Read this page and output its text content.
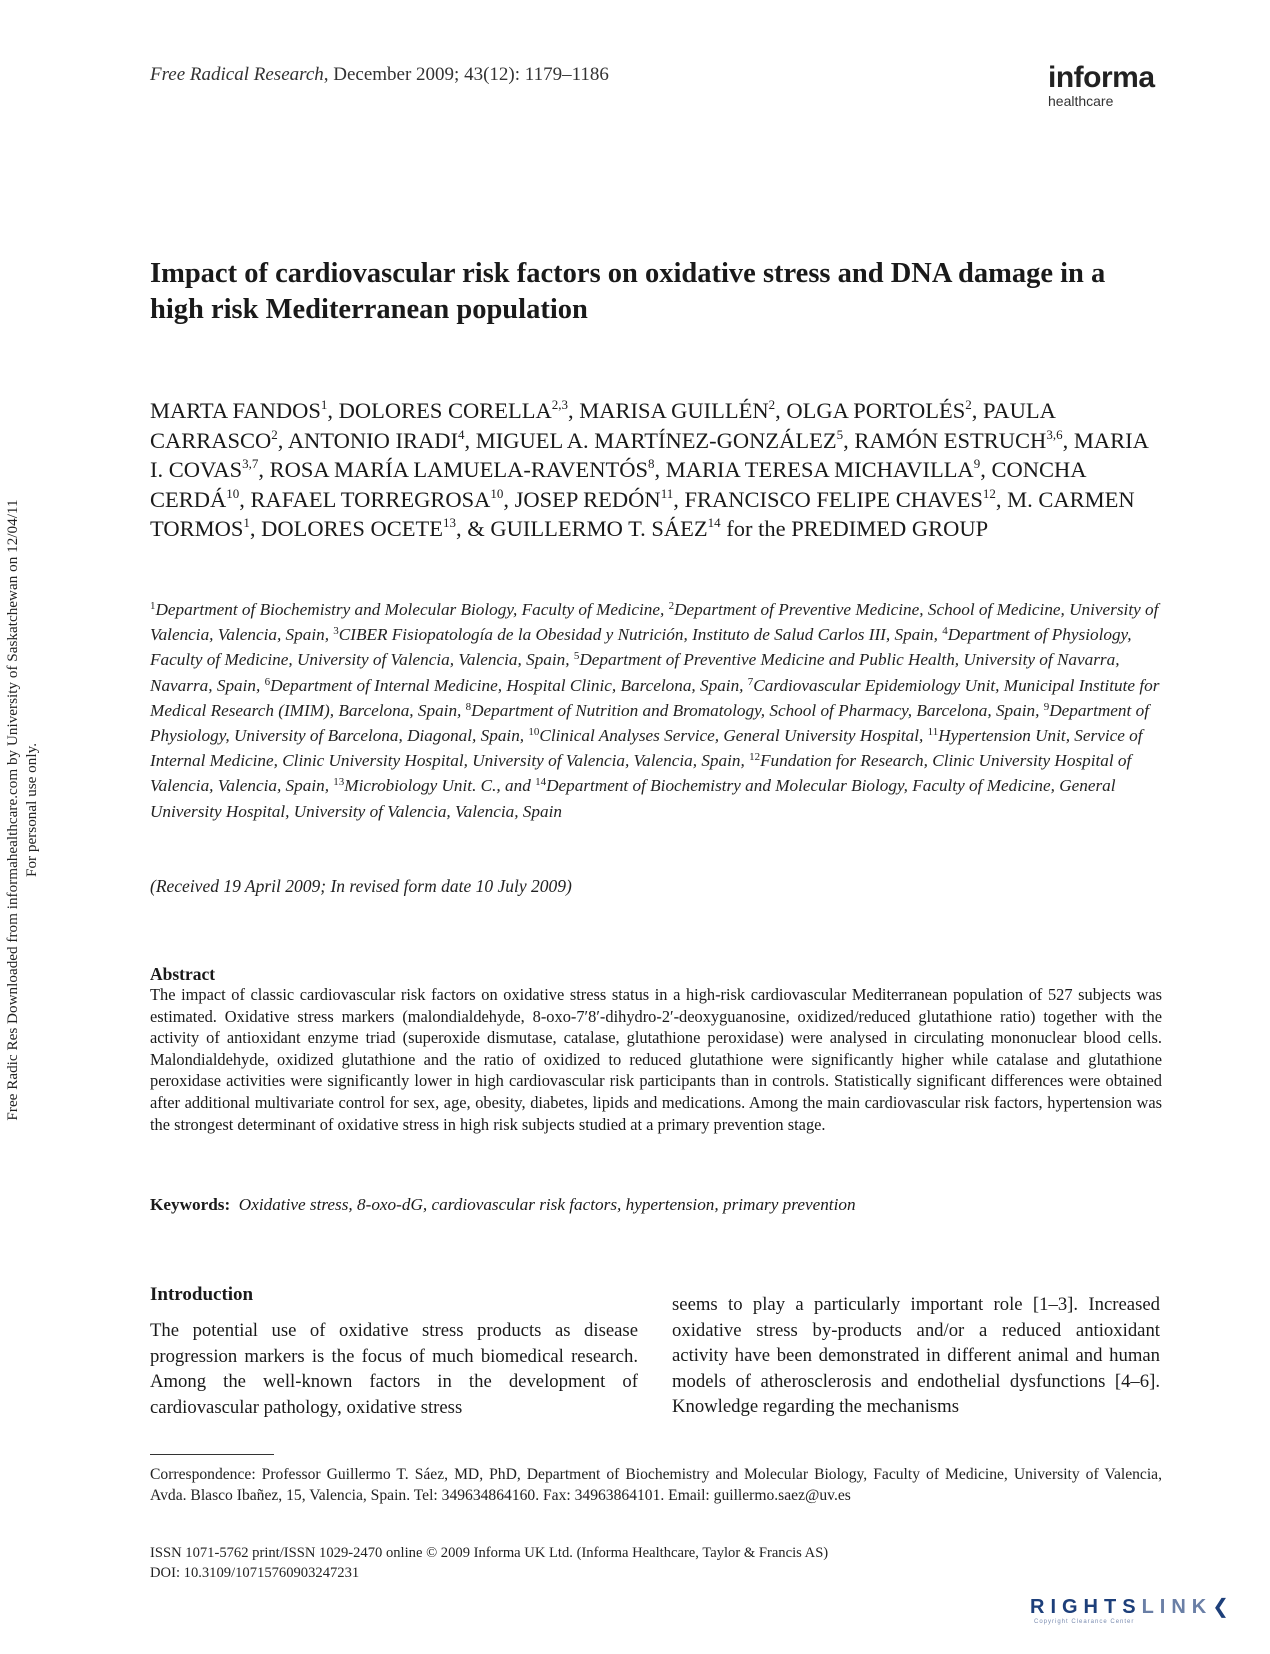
Free Radical Research, December 2009; 43(12): 1179–1186	informa
healthcare
Impact of cardiovascular risk factors on oxidative stress and DNA damage in a high risk Mediterranean population
MARTA FANDOS$^1$, DOLORES CORELLA$^{2,3}$, MARISA GUILLÉN$^2$, OLGA PORTOLÉS$^2$, PAULA CARRASCO$^2$, ANTONIO IRADI$^4$, MIGUEL A. MARTÍNEZ-GONZÁLEZ$^5$, RAMÓN ESTRUCH$^{3,6}$, MARIA I. COVAS$^{3,7}$, ROSA MARÍA LAMUELA-RAVENTÓS$^8$, MARIA TERESA MICHAVILLA$^9$, CONCHA CERDÁ$^{10}$, RAFAEL TORREGROSA$^{10}$, JOSEP REDÓN$^{11}$, FRANCISCO FELIPE CHAVES$^{12}$, M. CARMEN TORMOS$^1$, DOLORES OCETE$^{13}$, & GUILLERMO T. SÁEZ$^{14}$ for the PREDIMED GROUP
$^1$Department of Biochemistry and Molecular Biology, Faculty of Medicine, $^2$Department of Preventive Medicine, School of Medicine, University of Valencia, Valencia, Spain, $^3$CIBER Fisiopatología de la Obesidad y Nutrición, Instituto de Salud Carlos III, Spain, $^4$Department of Physiology, Faculty of Medicine, University of Valencia, Valencia, Spain, $^5$Department of Preventive Medicine and Public Health, University of Navarra, Navarra, Spain, $^6$Department of Internal Medicine, Hospital Clinic, Barcelona, Spain, $^7$Cardiovascular Epidemiology Unit, Municipal Institute for Medical Research (IMIM), Barcelona, Spain, $^8$Department of Nutrition and Bromatology, School of Pharmacy, Barcelona, Spain, $^9$Department of Physiology, University of Barcelona, Diagonal, Spain, $^{10}$Clinical Analyses Service, General University Hospital, $^{11}$Hypertension Unit, Service of Internal Medicine, Clinic University Hospital, University of Valencia, Valencia, Spain, $^{12}$Fundation for Research, Clinic University Hospital of Valencia, Valencia, Spain, $^{13}$Microbiology Unit. C., and $^{14}$Department of Biochemistry and Molecular Biology, Faculty of Medicine, General University Hospital, University of Valencia, Valencia, Spain
(Received 19 April 2009; In revised form date 10 July 2009)
Abstract
The impact of classic cardiovascular risk factors on oxidative stress status in a high-risk cardiovascular Mediterranean population of 527 subjects was estimated. Oxidative stress markers (malondialdehyde, 8-oxo-7′8′-dihydro-2′-deoxyguanosine, oxidized/reduced glutathione ratio) together with the activity of antioxidant enzyme triad (superoxide dismutase, catalase, glutathione peroxidase) were analysed in circulating mononuclear blood cells. Malondialdehyde, oxidized glutathione and the ratio of oxidized to reduced glutathione were significantly higher while catalase and glutathione peroxidase activities were significantly lower in high cardiovascular risk participants than in controls. Statistically significant differences were obtained after additional multivariate control for sex, age, obesity, diabetes, lipids and medications. Among the main cardiovascular risk factors, hypertension was the strongest determinant of oxidative stress in high risk subjects studied at a primary prevention stage.
Keywords: Oxidative stress, 8-oxo-dG, cardiovascular risk factors, hypertension, primary prevention
Introduction
The potential use of oxidative stress products as disease progression markers is the focus of much biomedical research. Among the well-known factors in the development of cardiovascular pathology, oxidative stress
seems to play a particularly important role [1–3]. Increased oxidative stress by-products and/or a reduced antioxidant activity have been demonstrated in different animal and human models of atherosclerosis and endothelial dysfunctions [4–6]. Knowledge regarding the mechanisms
Correspondence: Professor Guillermo T. Sáez, MD, PhD, Department of Biochemistry and Molecular Biology, Faculty of Medicine, University of Valencia, Avda. Blasco Ibañez, 15, Valencia, Spain. Tel: 349634864160. Fax: 34963864101. Email: guillermo.saez@uv.es
ISSN 1071-5762 print/ISSN 1029-2470 online © 2009 Informa UK Ltd. (Informa Healthcare, Taylor & Francis AS)
DOI: 10.3109/10715760903247231
Free Radic Res Downloaded from informahealthcare.com by University of Saskatchewan on 12/04/11 For personal use only.
RIGHTSLINK❮
Copyright Clearance Center
